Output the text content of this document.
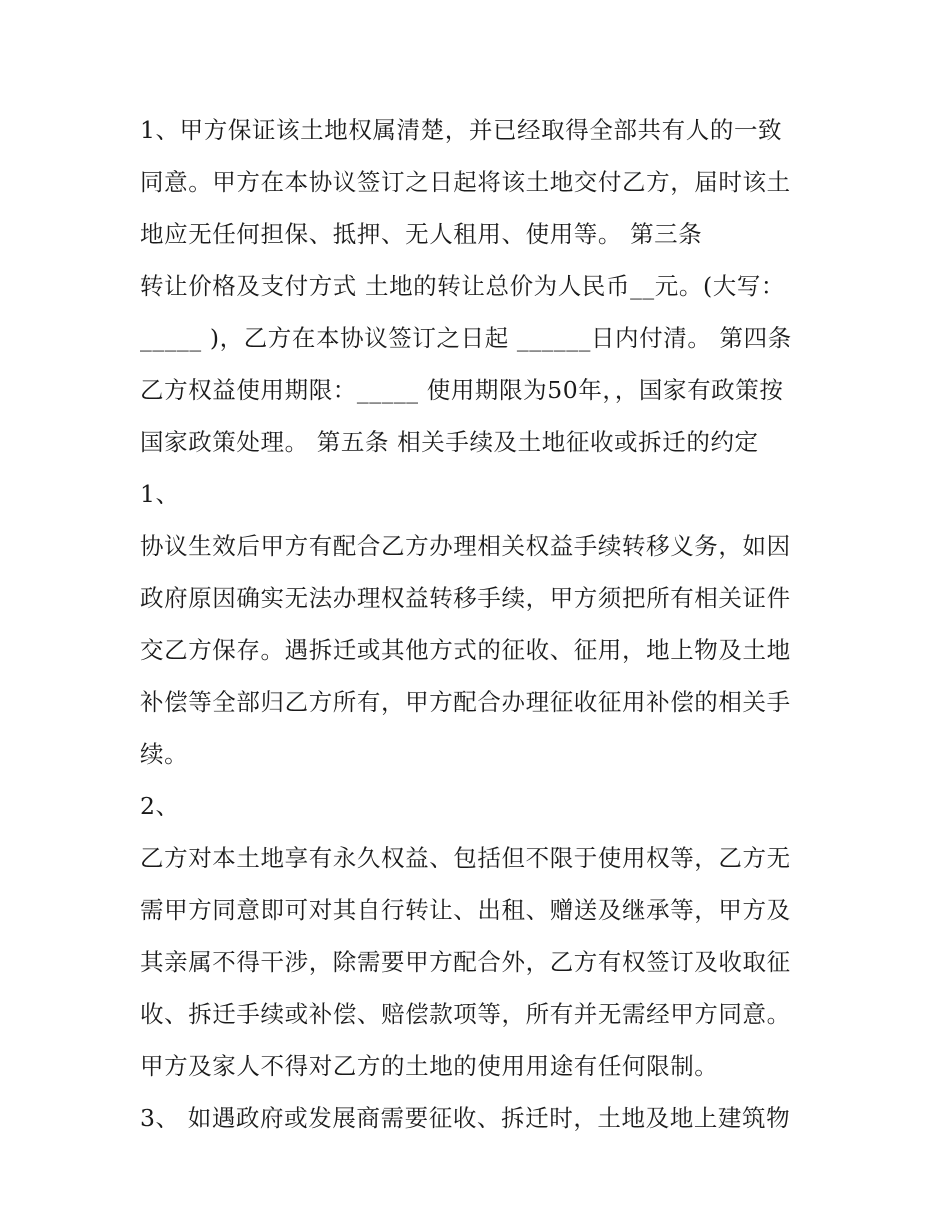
1、甲方保证该土地权属清楚，并已经取得全部共有人的一致
同意。甲方在本协议签订之日起将该土地交付乙方，届时该土
地应无任何担保、抵押、无人租用、使用等。 第三条
转让价格及支付方式 土地的转让总价为人民币__元。(大写：
_____ )，乙方在本协议签订之日起 ______日内付清。 第四条
乙方权益使用期限：_____ 使用期限为50年，，国家有政策按
国家政策处理。 第五条 相关手续及土地征收或拆迁的约定
1、
协议生效后甲方有配合乙方办理相关权益手续转移义务，如因
政府原因确实无法办理权益转移手续，甲方须把所有相关证件
交乙方保存。遇拆迁或其他方式的征收、征用，地上物及土地
补偿等全部归乙方所有，甲方配合办理征收征用补偿的相关手
续。
2、
乙方对本土地享有永久权益、包括但不限于使用权等，乙方无
需甲方同意即可对其自行转让、出租、赠送及继承等，甲方及
其亲属不得干涉，除需要甲方配合外，乙方有权签订及收取征
收、拆迁手续或补偿、赔偿款项等，所有并无需经甲方同意。
甲方及家人不得对乙方的土地的使用用途有任何限制。
3、 如遇政府或发展商需要征收、拆迁时，土地及地上建筑物
